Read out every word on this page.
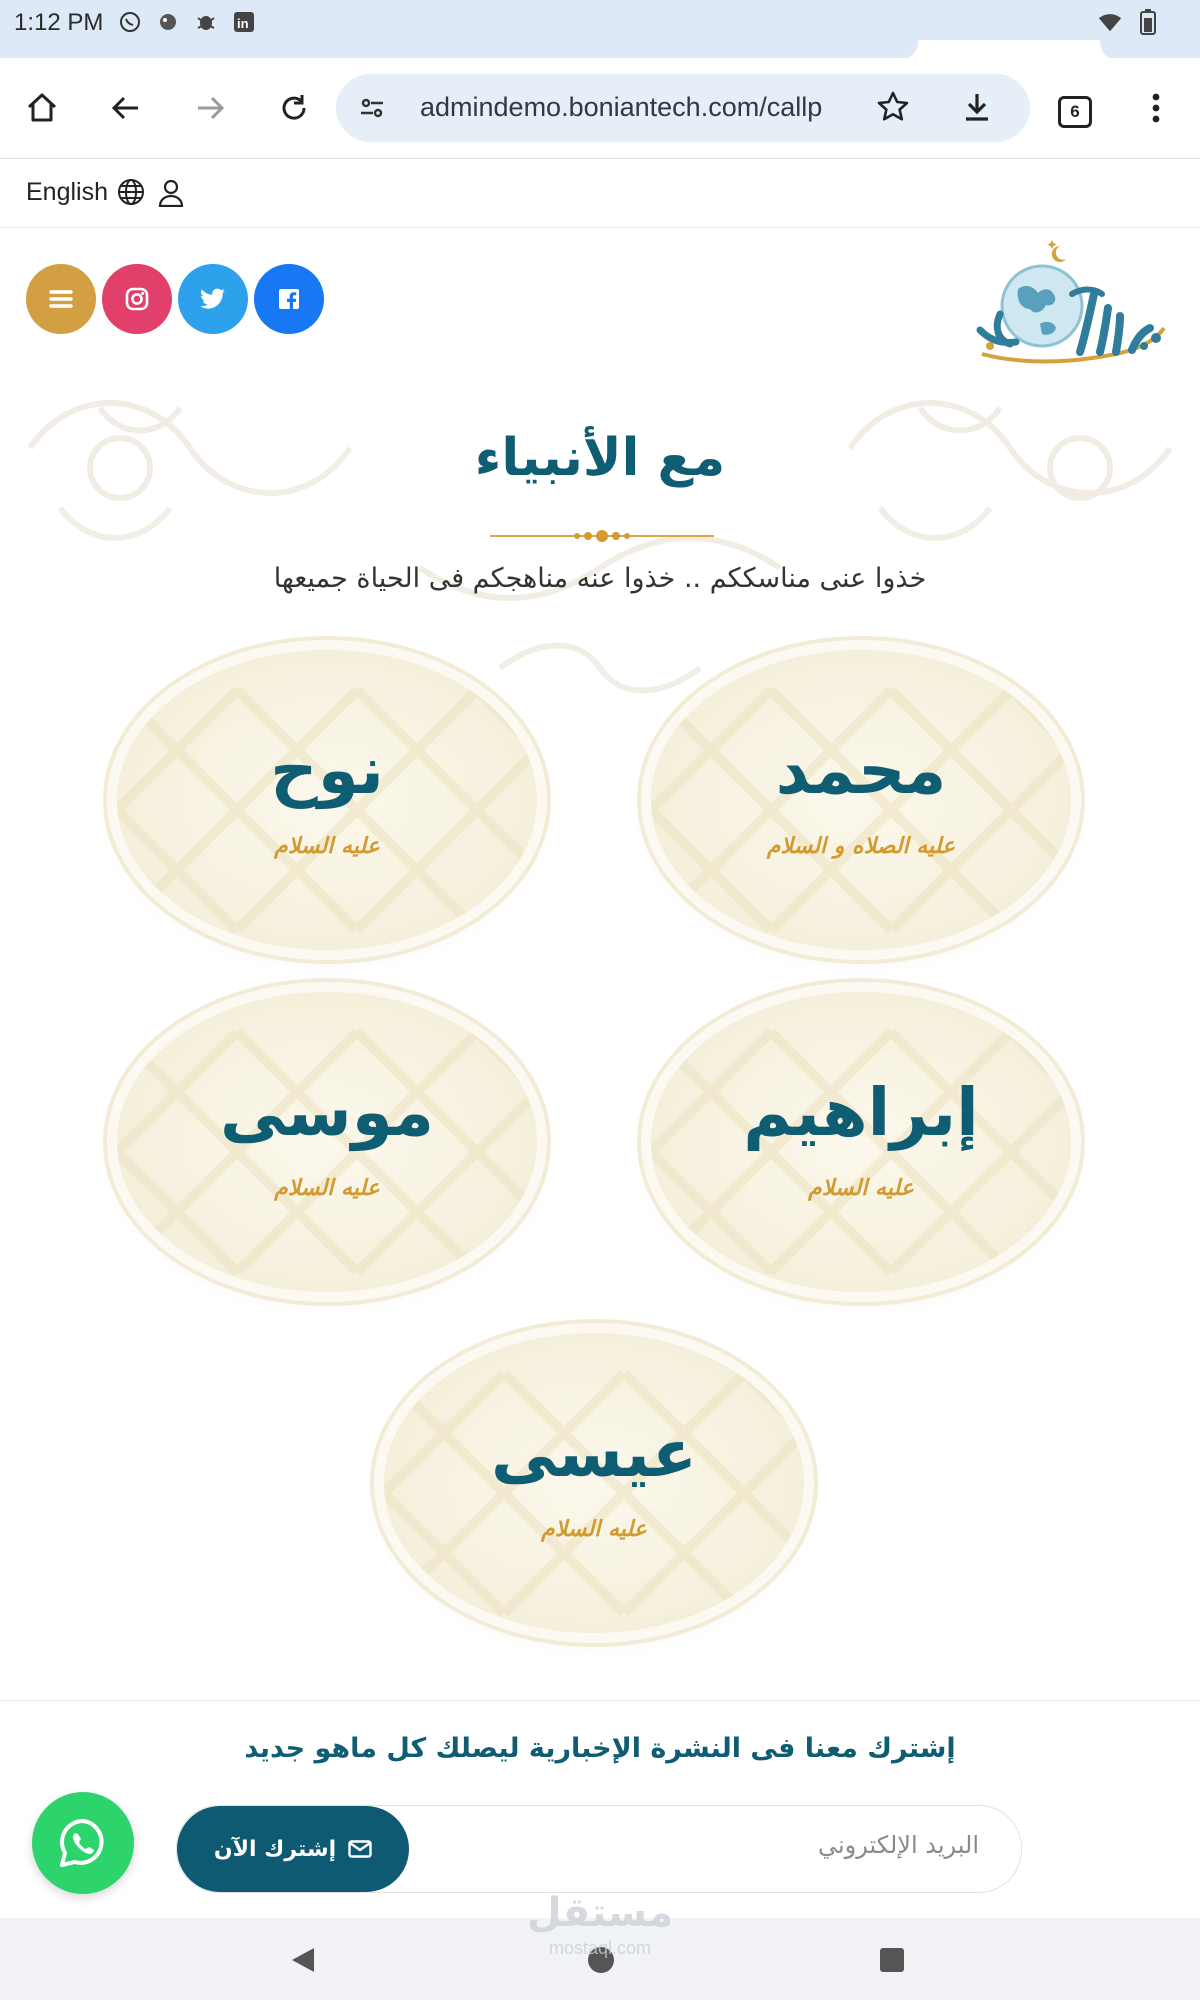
1:12 PM	in
admindemo.boniantech.com/callp	6
English
مع الأنبياء
خذوا عنى مناسككم .. خذوا عنه مناهجكم فى الحياة جميعها
محمد
عليه الصلاه و السلام
نوح
عليه السلام
إبراهيم
عليه السلام
موسى
عليه السلام
عيسى
عليه السلام
إشترك معنا فى النشرة الإخبارية ليصلك كل ماهو جديد
البريد الإلكتروني
إشترك الآن
مستقل
mostaql.com
